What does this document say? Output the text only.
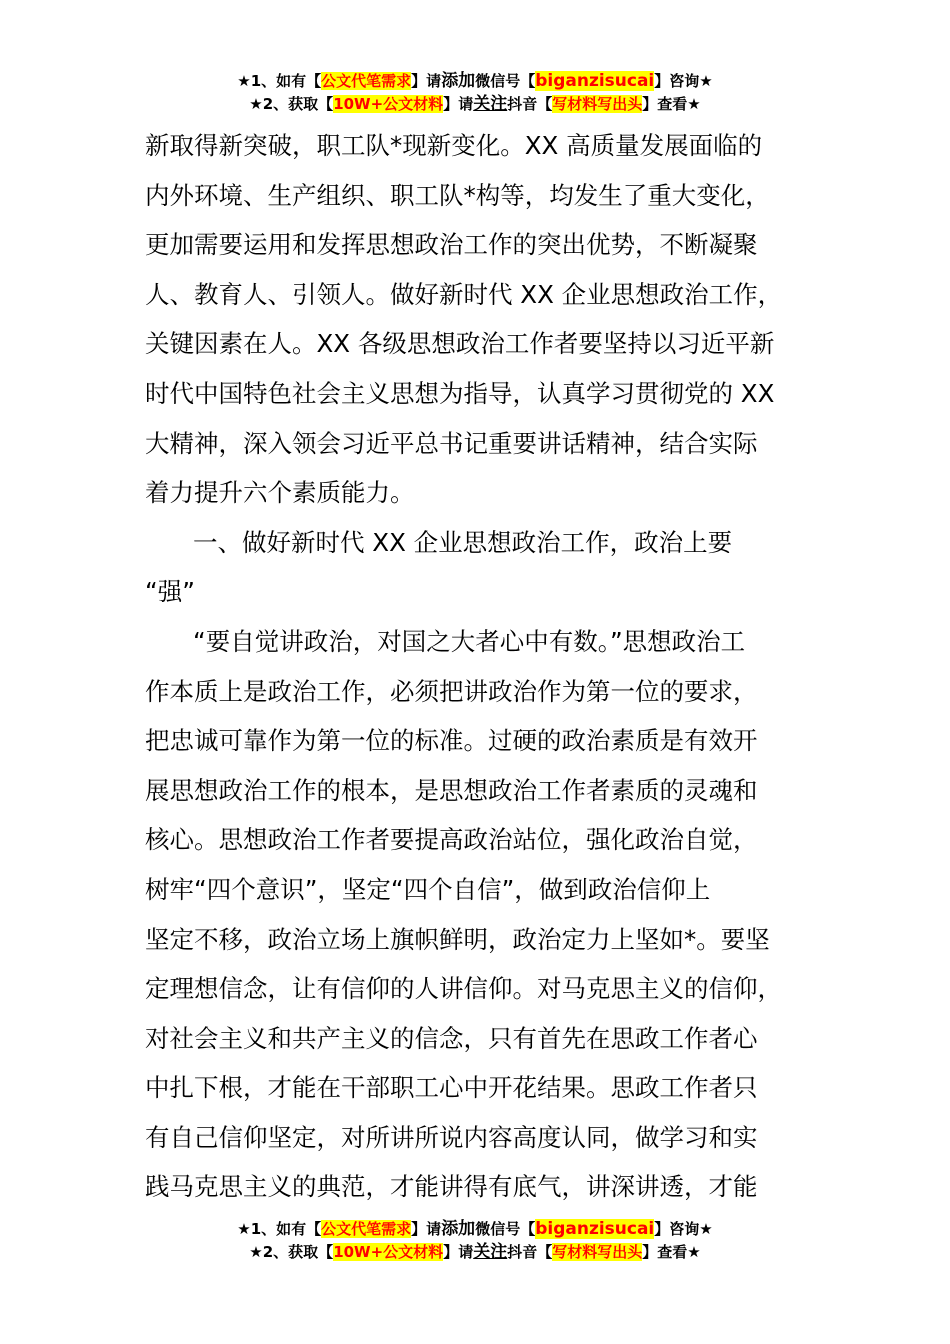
★1、如有【公文代笔需求】请添加微信号【biganzisucai】咨询★
★2、获取【10W+公文材料】请关注抖音【写材料写出头】查看★
新取得新突破，职工队*现新变化。XX 高质量发展面临的
内外环境、生产组织、职工队*构等，均发生了重大变化，
更加需要运用和发挥思想政治工作的突出优势，不断凝聚
人、教育人、引领人。做好新时代 XX 企业思想政治工作，
关键因素在人。XX 各级思想政治工作者要坚持以习近平新
时代中国特色社会主义思想为指导，认真学习贯彻党的 XX
大精神，深入领会习近平总书记重要讲话精神，结合实际
着力提升六个素质能力。
一、做好新时代 XX 企业思想政治工作，政治上要
“强”
“要自觉讲政治，对国之大者心中有数。”思想政治工
作本质上是政治工作，必须把讲政治作为第一位的要求，
把忠诚可靠作为第一位的标准。过硬的政治素质是有效开
展思想政治工作的根本，是思想政治工作者素质的灵魂和
核心。思想政治工作者要提高政治站位，强化政治自觉，
树牢“四个意识”，坚定“四个自信”，做到政治信仰上
坚定不移，政治立场上旗帜鲜明，政治定力上坚如*。要坚
定理想信念，让有信仰的人讲信仰。对马克思主义的信仰，
对社会主义和共产主义的信念，只有首先在思政工作者心
中扎下根，才能在干部职工心中开花结果。思政工作者只
有自己信仰坚定，对所讲所说内容高度认同，做学习和实
践马克思主义的典范，才能讲得有底气，讲深讲透，才能
★1、如有【公文代笔需求】请添加微信号【biganzisucai】咨询★
★2、获取【10W+公文材料】请关注抖音【写材料写出头】查看★
